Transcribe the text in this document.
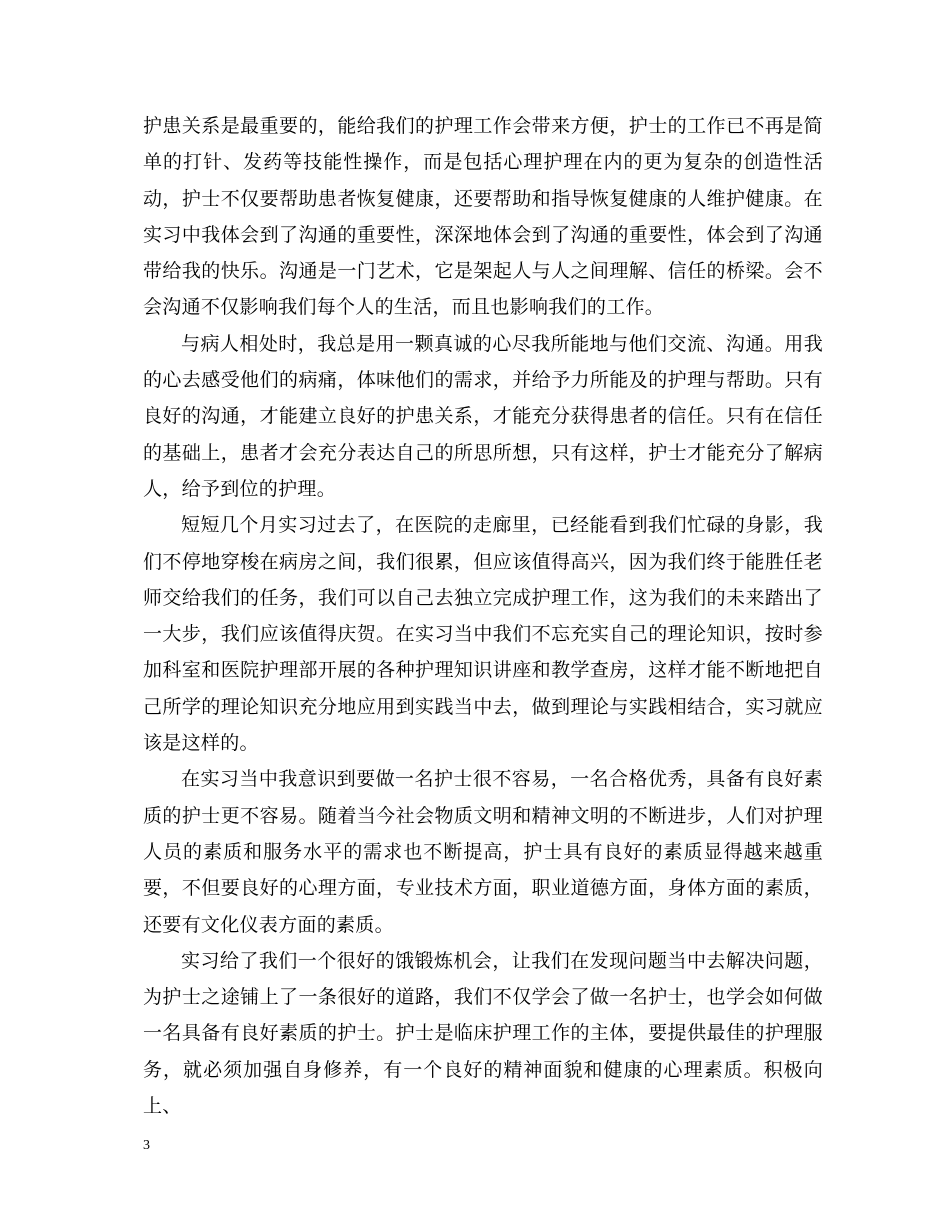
护患关系是最重要的，能给我们的护理工作会带来方便，护士的工作已不再是简单的打针、发药等技能性操作，而是包括心理护理在内的更为复杂的创造性活动，护士不仅要帮助患者恢复健康，还要帮助和指导恢复健康的人维护健康。在实习中我体会到了沟通的重要性，深深地体会到了沟通的重要性，体会到了沟通带给我的快乐。沟通是一门艺术，它是架起人与人之间理解、信任的桥梁。会不会沟通不仅影响我们每个人的生活，而且也影响我们的工作。

与病人相处时，我总是用一颗真诚的心尽我所能地与他们交流、沟通。用我的心去感受他们的病痛，体味他们的需求，并给予力所能及的护理与帮助。只有良好的沟通，才能建立良好的护患关系，才能充分获得患者的信任。只有在信任的基础上，患者才会充分表达自己的所思所想，只有这样，护士才能充分了解病人，给予到位的护理。

短短几个月实习过去了，在医院的走廊里，已经能看到我们忙碌的身影，我们不停地穿梭在病房之间，我们很累，但应该值得高兴，因为我们终于能胜任老师交给我们的任务，我们可以自己去独立完成护理工作，这为我们的未来踏出了一大步，我们应该值得庆贺。在实习当中我们不忘充实自己的理论知识，按时参加科室和医院护理部开展的各种护理知识讲座和教学查房，这样才能不断地把自己所学的理论知识充分地应用到实践当中去，做到理论与实践相结合，实习就应该是这样的。

在实习当中我意识到要做一名护士很不容易，一名合格优秀，具备有良好素质的护士更不容易。随着当今社会物质文明和精神文明的不断进步，人们对护理人员的素质和服务水平的需求也不断提高，护士具有良好的素质显得越来越重要，不但要良好的心理方面，专业技术方面，职业道德方面，身体方面的素质，还要有文化仪表方面的素质。

实习给了我们一个很好的饿锻炼机会，让我们在发现问题当中去解决问题，为护士之途铺上了一条很好的道路，我们不仅学会了做一名护士，也学会如何做一名具备有良好素质的护士。护士是临床护理工作的主体，要提供最佳的护理服务，就必须加强自身修养，有一个良好的精神面貌和健康的心理素质。积极向上、

3
